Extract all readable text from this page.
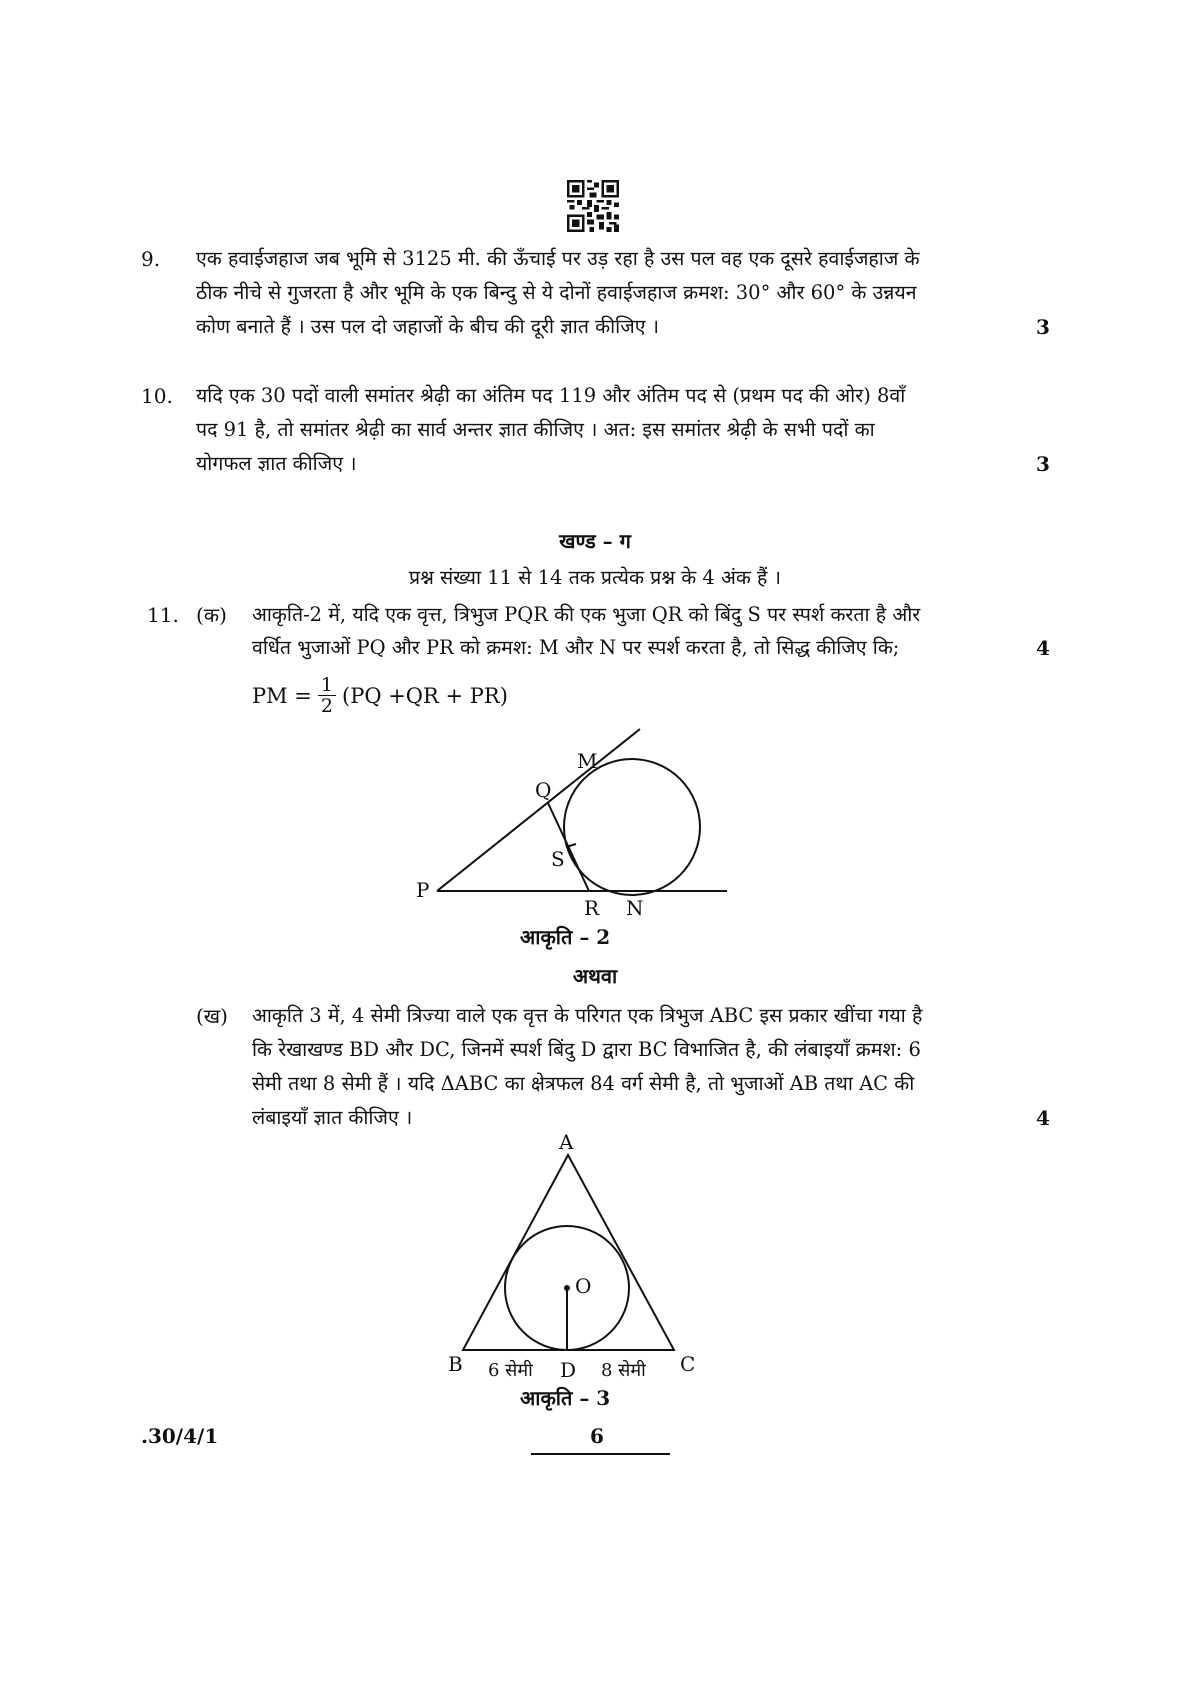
9. एक हवाईजहाज जब भूमि से 3125 मी. की ऊँचाई पर उड़ रहा है उस पल वह एक दूसरे हवाईजहाज के
ठीक नीचे से गुजरता है और भूमि के एक बिन्दु से ये दोनों हवाईजहाज क्रमश: 30° और 60° के उन्नयन
कोण बनाते हैं । उस पल दो जहाजों के बीच की दूरी ज्ञात कीजिए ।	3
10. यदि एक 30 पदों वाली समांतर श्रेढ़ी का अंतिम पद 119 और अंतिम पद से (प्रथम पद की ओर) 8वाँ
पद 91 है, तो समांतर श्रेढ़ी का सार्व अन्तर ज्ञात कीजिए । अत: इस समांतर श्रेढ़ी के सभी पदों का
योगफल ज्ञात कीजिए ।	3
खण्ड – ग
प्रश्न संख्या 11 से 14 तक प्रत्येक प्रश्न के 4 अंक हैं ।
11. (क) आकृति-2 में, यदि एक वृत्त, त्रिभुज PQR की एक भुजा QR को बिंदु S पर स्पर्श करता है और
वर्धित भुजाओं PQ और PR को क्रमश: M और N पर स्पर्श करता है, तो सिद्ध कीजिए कि;	4
PM = $\frac{1}{2} (PQ +QR + PR)$
M
Q
S
P
R N
आकृति – 2
अथवा
(ख) आकृति 3 में, 4 सेमी त्रिज्या वाले एक वृत्त के परिगत एक त्रिभुज ABC इस प्रकार खींचा गया है
कि रेखाखण्ड BD और DC, जिनमें स्पर्श बिंदु D द्वारा BC विभाजित है, की लंबाइयाँ क्रमश: 6
सेमी तथा 8 सेमी हैं । यदि ΔABC का क्षेत्रफल 84 वर्ग सेमी है, तो भुजाओं AB तथा AC की
लंबाइयाँ ज्ञात कीजिए ।	4
A
O
B 6 सेमी D 8 सेमी C
आकृति – 3
.30/4/1	6
